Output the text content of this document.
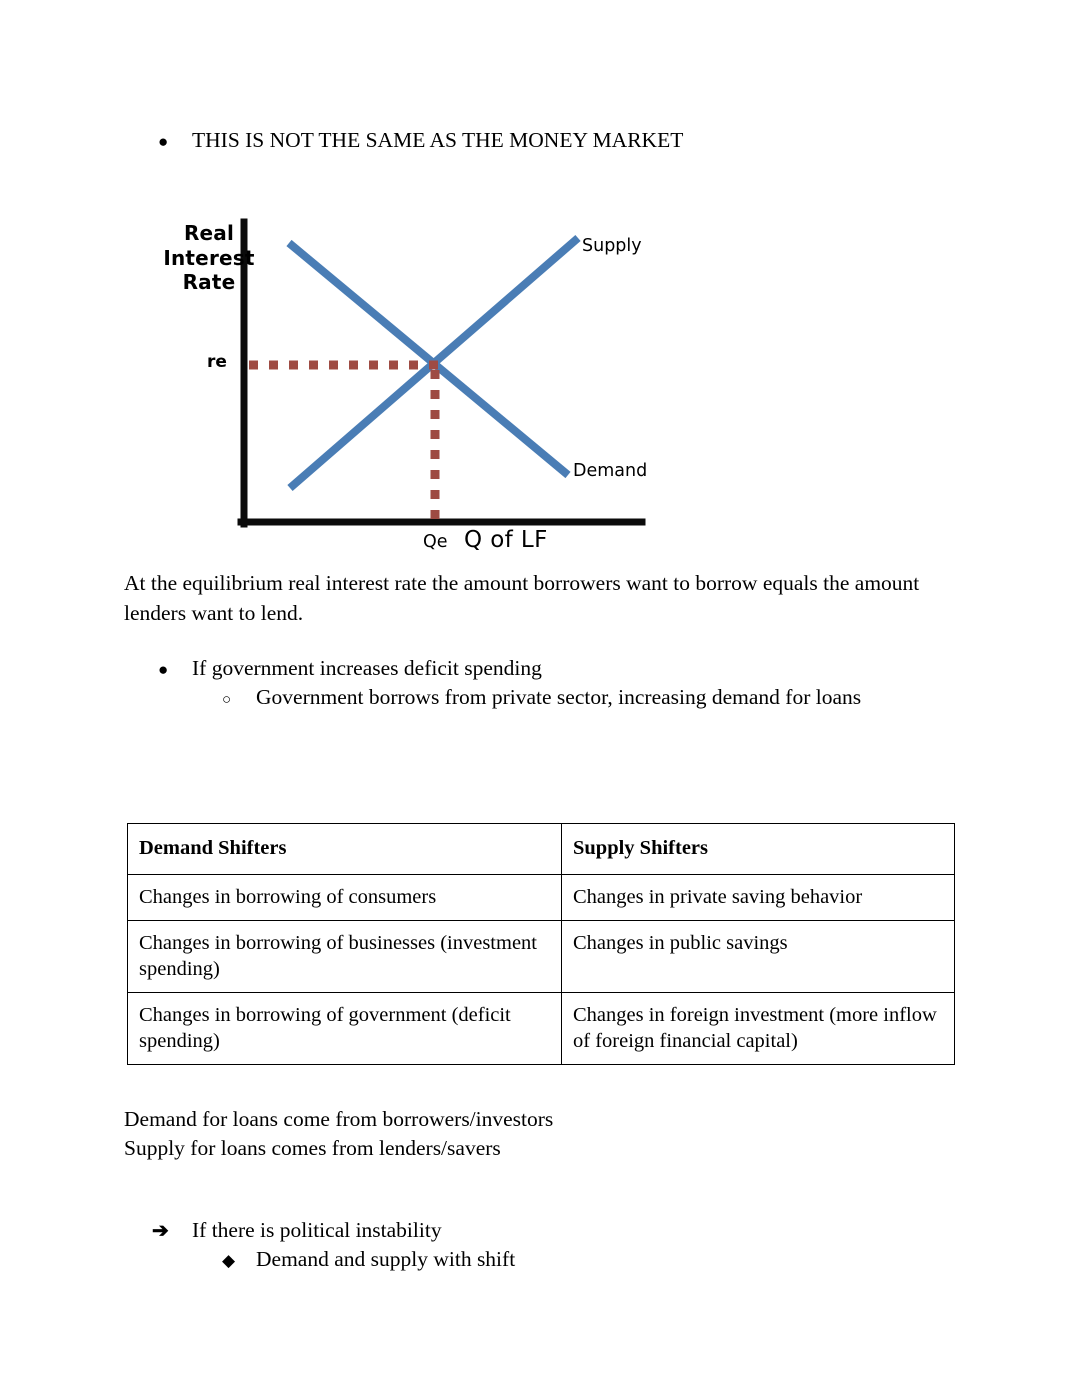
●	THIS IS NOT THE SAME AS THE MONEY MARKET
Real
Interest
Rate
re
Supply
Demand
Qe Q of LF
At the equilibrium real interest rate the amount borrowers want to borrow equals the amount lenders want to lend.
●	If government increases deficit spending
○	Government borrows from private sector, increasing demand for loans
Demand Shifters	Supply Shifters
Changes in borrowing of consumers	Changes in private saving behavior
Changes in borrowing of businesses (investment spending)	Changes in public savings
Changes in borrowing of government (deficit spending)	Changes in foreign investment (more inflow of foreign financial capital)
Demand for loans come from borrowers/investors
Supply for loans comes from lenders/savers
➔	If there is political instability
◆ Demand and supply with shift
